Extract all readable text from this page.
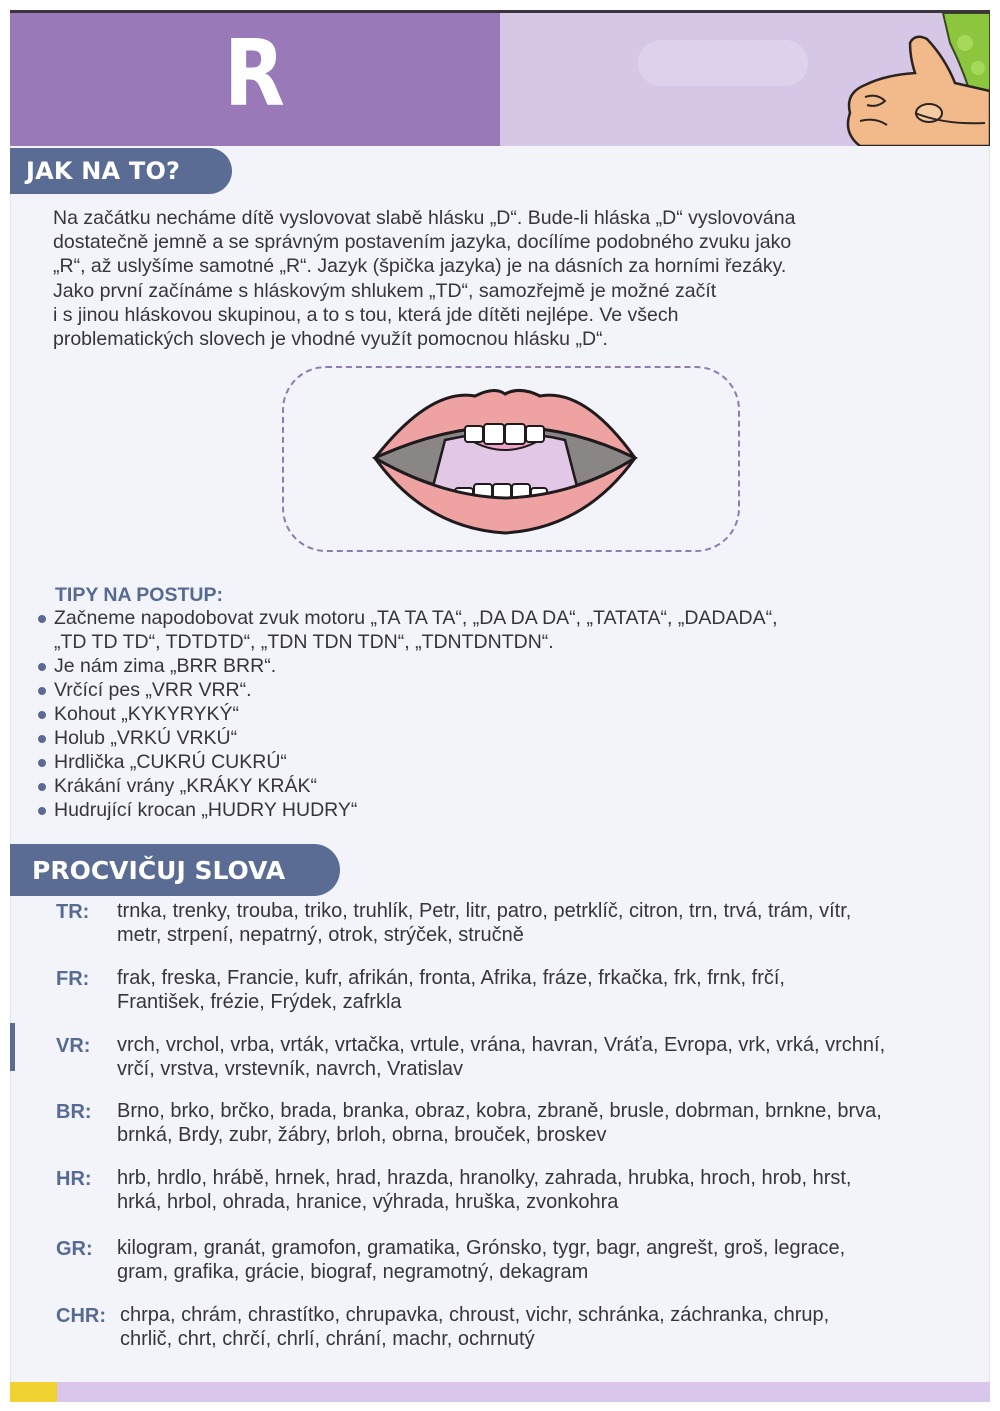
R
JAK NA TO?

Na začátku necháme dítě vyslovovat slabě hlásku „D“. Bude-li hláska „D“ vyslovována

dostatečně jemně a se správným postavením jazyka, docílíme podobného zvuku jako

„R“, až uslyšíme samotné „R“. Jazyk (špička jazyka) je na dásních za horními řezáky.

Jako první začínáme s hláskovým shlukem „TD“, samozřejmě je možné začít

i s jinou hláskovou skupinou, a to s tou, která jde dítěti nejlépe. Ve všech

problematických slovech je vhodné využít pomocnou hlásku „D“.

TIPY NA POSTUP:
Začneme napodobovat zvuk motoru „TA TA TA“, „DA DA DA“, „TATATA“, „DADADA“,
„TD TD TD“, TDTDTD“, „TDN TDN TDN“, „TDNTDNTDN“.
Je nám zima „BRR BRR“.
Vrčící pes „VRR VRR“.
Kohout „KYKYRYKÝ“
Holub „VRKÚ VRKÚ“
Hrdlička „CUKRÚ CUKRÚ“
Krákání vrány „KRÁKY KRÁK“
Hudrující krocan „HUDRY HUDRY“
PROCVIČUJ SLOVA
TR: trnka, trenky, trouba, triko, truhlík, Petr, litr, patro, petrklíč, citron, trn, trvá, trám, vítr,
metr, strpení, nepatrný, otrok, strýček, stručně
FR: frak, freska, Francie, kufr, afrikán, fronta, Afrika, fráze, frkačka, frk, frnk, frčí,
František, frézie, Frýdek, zafrkla
VR: vrch, vrchol, vrba, vrták, vrtačka, vrtule, vrána, havran, Vráťa, Evropa, vrk, vrká, vrchní,
vrčí, vrstva, vrstevník, navrch, Vratislav
BR: Brno, brko, brčko, brada, branka, obraz, kobra, zbraně, brusle, dobrman, brnkne, brva,
brnká, Brdy, zubr, žábry, brloh, obrna, brouček, broskev
HR: hrb, hrdlo, hrábě, hrnek, hrad, hrazda, hranolky, zahrada, hrubka, hroch, hrob, hrst,
hrká, hrbol, ohrada, hranice, výhrada, hruška, zvonkohra
GR: kilogram, granát, gramofon, gramatika, Grónsko, tygr, bagr, angrešt, groš, legrace,
gram, grafika, grácie, biograf, negramotný, dekagram
CHR: chrpa, chrám, chrastítko, chrupavka, chroust, vichr, schránka, záchranka, chrup,
chrlič, chrt, chrčí, chrlí, chrání, machr, ochrnutý
